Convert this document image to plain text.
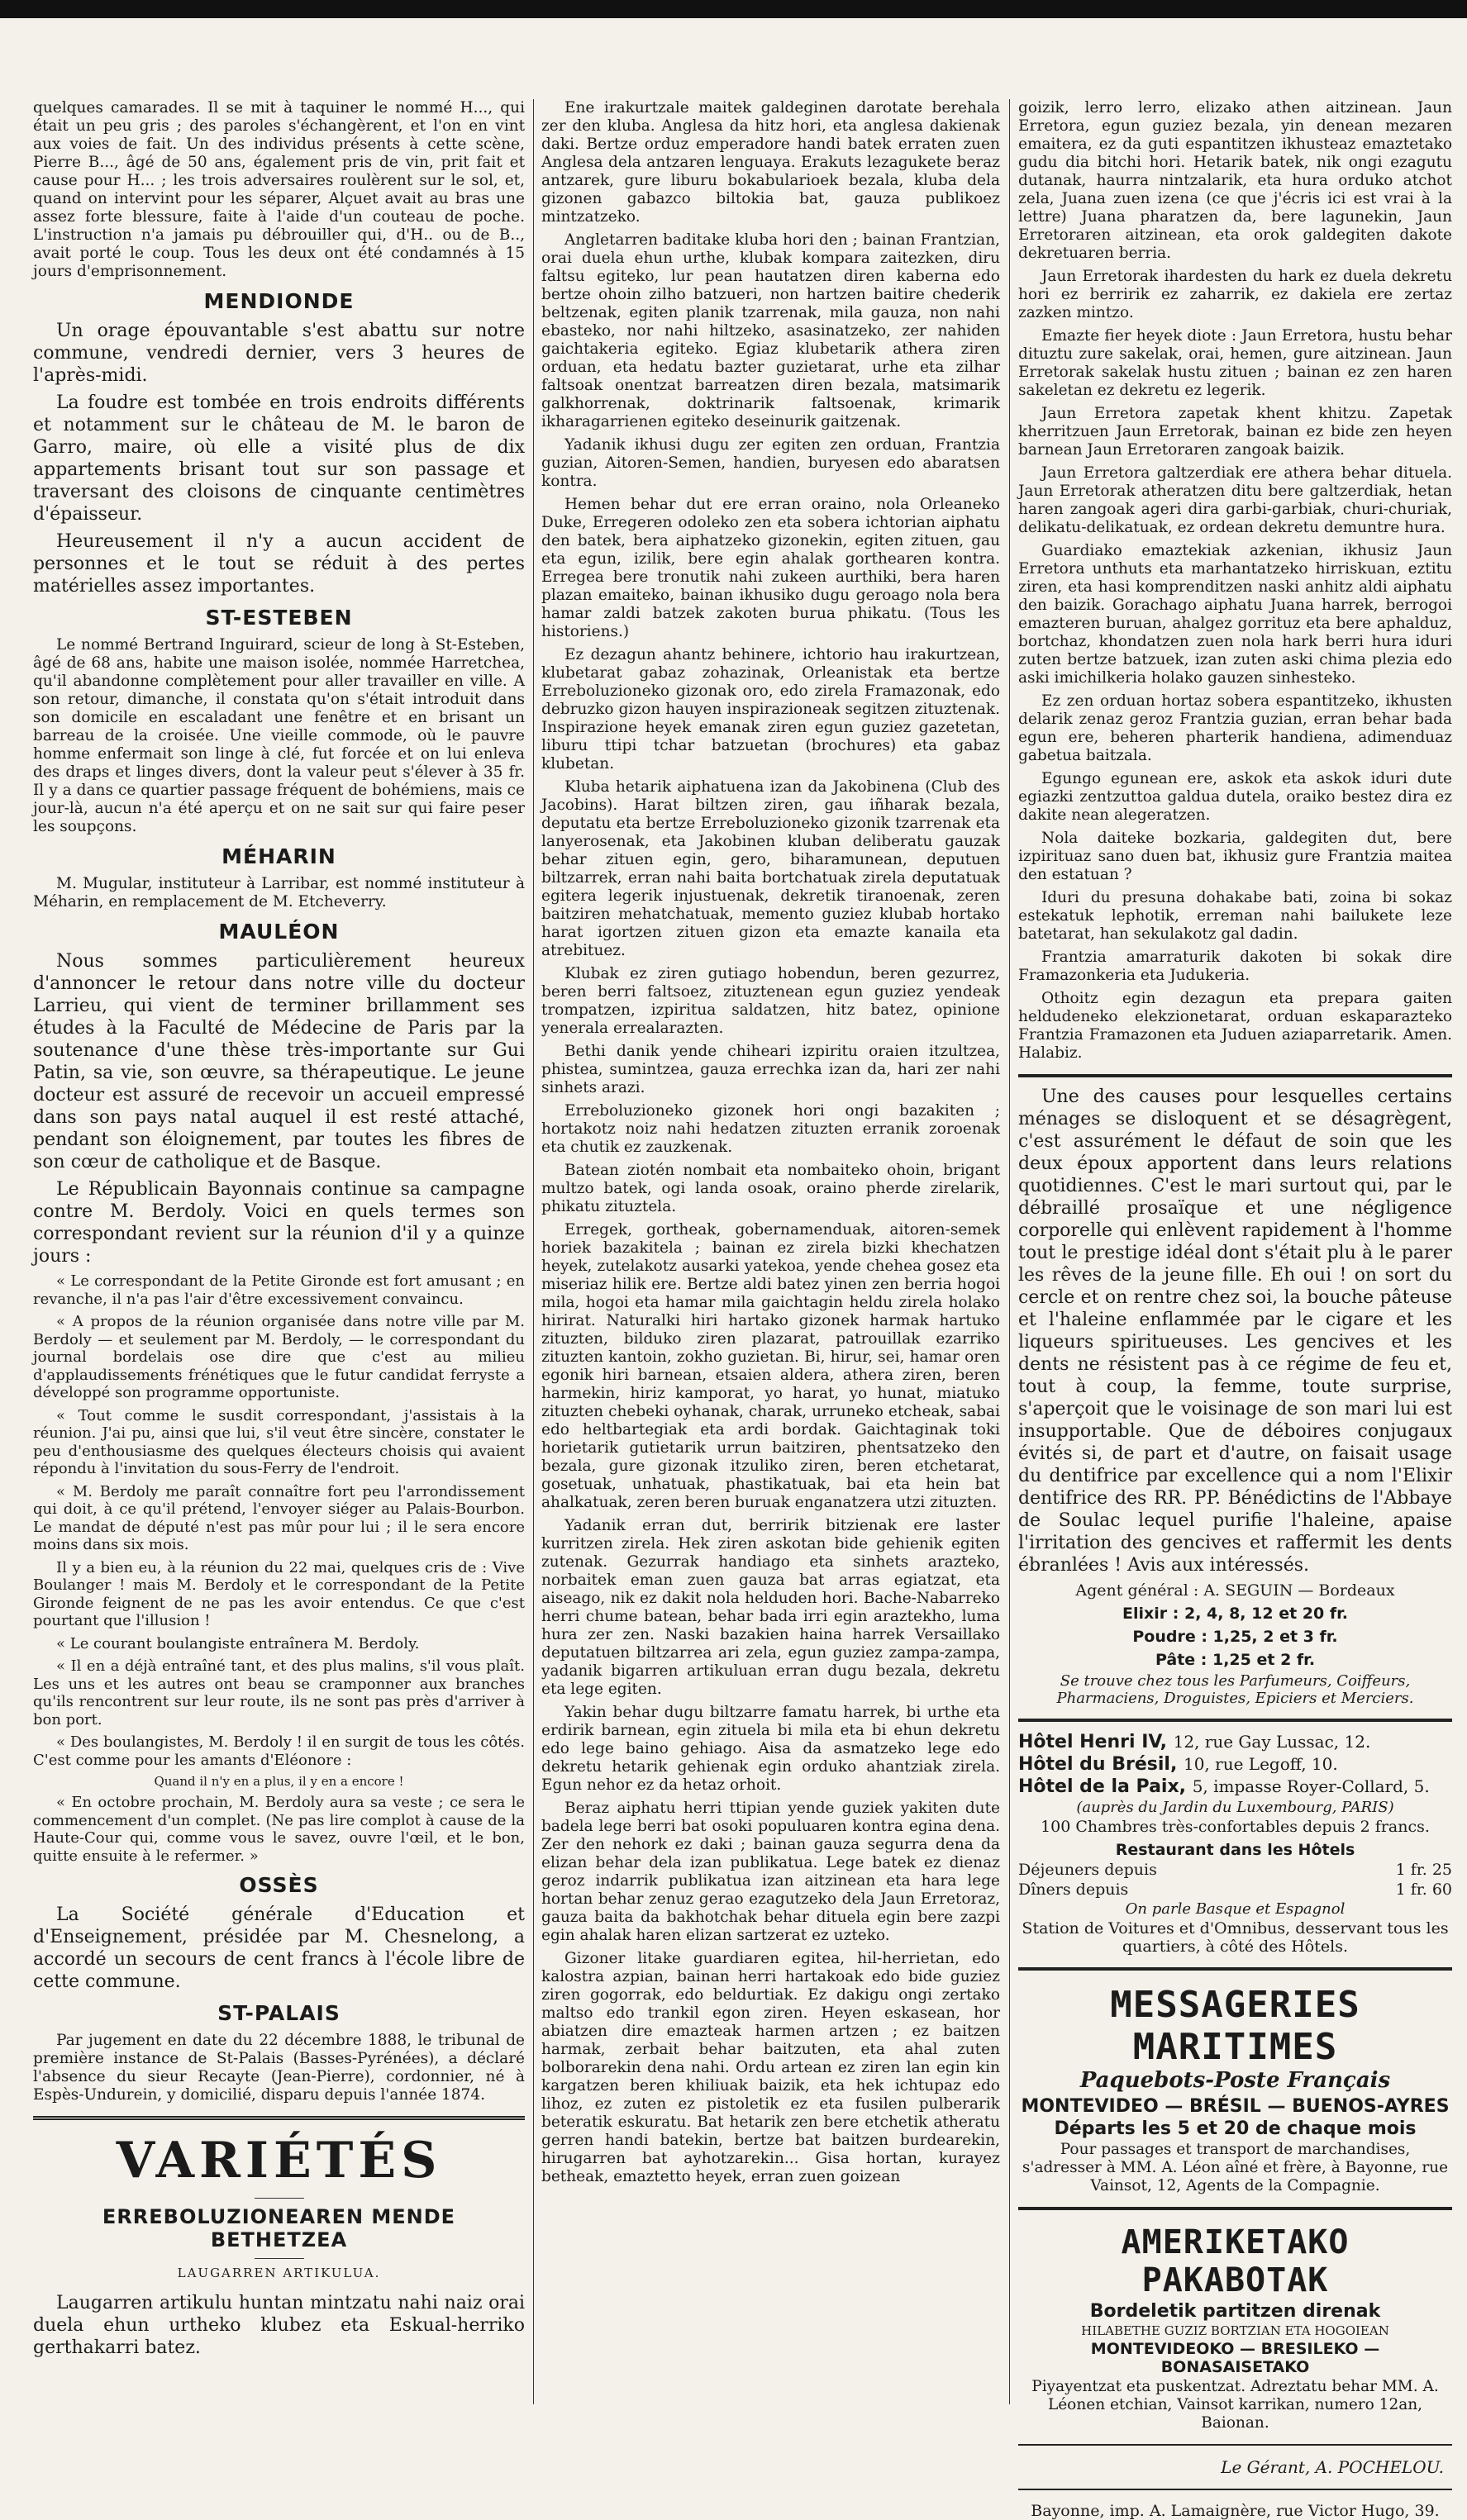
quelques camarades. Il se mit à taquiner le nommé H..., qui était un peu gris ; des paroles s'échangèrent, et l'on en vint aux voies de fait. Un des individus présents à cette scène, Pierre B..., âgé de 50 ans, également pris de vin, prit fait et cause pour H... ; les trois adversaires roulèrent sur le sol, et, quand on intervint pour les séparer, Alçuet avait au bras une assez forte blessure, faite à l'aide d'un couteau de poche. L'instruction n'a jamais pu débrouiller qui, d'H.. ou de B.., avait porté le coup. Tous les deux ont été condamnés à 15 jours d'emprisonnement.

MENDIONDE

Un orage épouvantable s'est abattu sur notre commune, vendredi dernier, vers 3 heures de l'après-midi.

La foudre est tombée en trois endroits différents et notamment sur le château de M. le baron de Garro, maire, où elle a visité plus de dix appartements brisant tout sur son passage et traversant des cloisons de cinquante centimètres d'épaisseur.

Heureusement il n'y a aucun accident de personnes et le tout se réduit à des pertes matérielles assez importantes.

ST-ESTEBEN

Le nommé Bertrand Inguirard, scieur de long à St-Esteben, âgé de 68 ans, habite une maison isolée, nommée Harretchea, qu'il abandonne complètement pour aller travailler en ville. A son retour, dimanche, il constata qu'on s'était introduit dans son domicile en escaladant une fenêtre et en brisant un barreau de la croisée. Une vieille commode, où le pauvre homme enfermait son linge à clé, fut forcée et on lui enleva des draps et linges divers, dont la valeur peut s'élever à 35 fr. Il y a dans ce quartier passage fréquent de bohémiens, mais ce jour-là, aucun n'a été aperçu et on ne sait sur qui faire peser les soupçons.

MÉHARIN

M. Mugular, instituteur à Larribar, est nommé instituteur à Méharin, en remplacement de M. Etcheverry.

MAULÉON

Nous sommes particulièrement heureux d'annoncer le retour dans notre ville du docteur Larrieu, qui vient de terminer brillamment ses études à la Faculté de Médecine de Paris par la soutenance d'une thèse très-importante sur Gui Patin, sa vie, son œuvre, sa thérapeutique. Le jeune docteur est assuré de recevoir un accueil empressé dans son pays natal auquel il est resté attaché, pendant son éloignement, par toutes les fibres de son cœur de catholique et de Basque.

Le Républicain Bayonnais continue sa campagne contre M. Berdoly. Voici en quels termes son correspondant revient sur la réunion d'il y a quinze jours :

« Le correspondant de la Petite Gironde est fort amusant ; en revanche, il n'a pas l'air d'être excessivement convaincu.

« A propos de la réunion organisée dans notre ville par M. Berdoly — et seulement par M. Berdoly, — le correspondant du journal bordelais ose dire que c'est au milieu d'applaudissements frénétiques que le futur candidat ferryste a développé son programme opportuniste.

« Tout comme le susdit correspondant, j'assistais à la réunion. J'ai pu, ainsi que lui, s'il veut être sincère, constater le peu d'enthousiasme des quelques électeurs choisis qui avaient répondu à l'invitation du sous-Ferry de l'endroit.

« M. Berdoly me paraît connaître fort peu l'arrondissement qui doit, à ce qu'il prétend, l'envoyer siéger au Palais-Bourbon. Le mandat de député n'est pas mûr pour lui ; il le sera encore moins dans six mois.

Il y a bien eu, à la réunion du 22 mai, quelques cris de : Vive Boulanger ! mais M. Berdoly et le correspondant de la Petite Gironde feignent de ne pas les avoir entendus. Ce que c'est pourtant que l'illusion !

« Le courant boulangiste entraînera M. Berdoly.

« Il en a déjà entraîné tant, et des plus malins, s'il vous plaît. Les uns et les autres ont beau se cramponner aux branches qu'ils rencontrent sur leur route, ils ne sont pas près d'arriver à bon port.

« Des boulangistes, M. Berdoly ! il en surgit de tous les côtés. C'est comme pour les amants d'Eléonore :

Quand il n'y en a plus, il y en a encore !

« En octobre prochain, M. Berdoly aura sa veste ; ce sera le commencement d'un complet. (Ne pas lire complot à cause de la Haute-Cour qui, comme vous le savez, ouvre l'œil, et le bon, quitte ensuite à le refermer. »

OSSÈS

La Société générale d'Education et d'Enseignement, présidée par M. Chesnelong, a accordé un secours de cent francs à l'école libre de cette commune.

ST-PALAIS

Par jugement en date du 22 décembre 1888, le tribunal de première instance de St-Palais (Basses-Pyrénées), a déclaré l'absence du sieur Recayte (Jean-Pierre), cordonnier, né à Espès-Undurein, y domicilié, disparu depuis l'année 1874.

VARIÉTÉS
ERREBOLUZIONEAREN MENDE BETHETZEA
LAUGARREN ARTIKULUA.

Laugarren artikulu huntan mintzatu nahi naiz orai duela ehun urtheko klubez eta Eskual-herriko gerthakarri batez.

Ene irakurtzale maitek galdeginen darotate berehala zer den kluba. Anglesa da hitz hori, eta anglesa dakienak daki. Bertze orduz emperadore handi batek erraten zuen Anglesa dela antzaren lenguaya. Erakuts lezagukete beraz antzarek, gure liburu bokabularioek bezala, kluba dela gizonen gabazco biltokia bat, gauza publikoez mintzatzeko.

Angletarren baditake kluba hori den ; bainan Frantzian, orai duela ehun urthe, klubak kompara zaitezken, diru faltsu egiteko, lur pean hautatzen diren kaberna edo bertze ohoin zilho batzueri, non hartzen baitire chederik beltzenak, egiten planik tzarrenak, mila gauza, non nahi ebasteko, nor nahi hiltzeko, asasinatzeko, zer nahiden gaichtakeria egiteko. Egiaz klubetarik athera ziren orduan, eta hedatu bazter guzietarat, urhe eta zilhar faltsoak onentzat barreatzen diren bezala, matsimarik galkhorrenak, doktrinarik faltsoenak, krimarik ikharagarrienen egiteko deseinurik gaitzenak.

Yadanik ikhusi dugu zer egiten zen orduan, Frantzia guzian, Aitoren-Semen, handien, buryesen edo abaratsen kontra.

Hemen behar dut ere erran oraino, nola Orleaneko Duke, Erregeren odoleko zen eta sobera ichtorian aiphatu den batek, bera aiphatzeko gizonekin, egiten zituen, gau eta egun, izilik, bere egin ahalak gorthearen kontra. Erregea bere tronutik nahi zukeen aurthiki, bera haren plazan emaiteko, bainan ikhusiko dugu geroago nola bera hamar zaldi batzek zakoten burua phikatu. (Tous les historiens.)

Ez dezagun ahantz behinere, ichtorio hau irakurtzean, klubetarat gabaz zohazinak, Orleanistak eta bertze Erreboluzioneko gizonak oro, edo zirela Framazonak, edo debruzko gizon hauyen inspirazioneak segitzen zituztenak. Inspirazione heyek emanak ziren egun guziez gazetetan, liburu ttipi tchar batzuetan (brochures) eta gabaz klubetan.

Kluba hetarik aiphatuena izan da Jakobinena (Club des Jacobins). Harat biltzen ziren, gau iñharak bezala, deputatu eta bertze Erreboluzioneko gizonik tzarrenak eta lanyerosenak, eta Jakobinen kluban deliberatu gauzak behar zituen egin, gero, biharamunean, deputuen biltzarrek, erran nahi baita bortchatuak zirela deputatuak egitera legerik injustuenak, dekretik tiranoenak, zeren baitziren mehatchatuak, memento guziez klubab hortako harat igortzen zituen gizon eta emazte kanaila eta atrebituez.

Klubak ez ziren gutiago hobendun, beren gezurrez, beren berri faltsoez, zituztenean egun guziez yendeak trompatzen, izpiritua saldatzen, hitz batez, opinione yenerala errealarazten.

Bethi danik yende chiheari izpiritu oraien itzultzea, phistea, sumintzea, gauza errechka izan da, hari zer nahi sinhets arazi.

Erreboluzioneko gizonek hori ongi bazakiten ; hortakotz noiz nahi hedatzen zituzten erranik zoroenak eta chutik ez zauzkenak.

Batean ziotén nombait eta nombaiteko ohoin, brigant multzo batek, ogi landa osoak, oraino pherde zirelarik, phikatu zituztela.

Erregek, gortheak, gobernamenduak, aitoren-semek horiek bazakitela ; bainan ez zirela bizki khechatzen heyek, zutelakotz ausarki yatekoa, yende chehea gosez eta miseriaz hilik ere. Bertze aldi batez yinen zen berria hogoi mila, hogoi eta hamar mila gaichtagin heldu zirela holako hirirat. Naturalki hiri hartako gizonek harmak hartuko zituzten, bilduko ziren plazarat, patrouillak ezarriko zituzten kantoin, zokho guzietan. Bi, hirur, sei, hamar oren egonik hiri barnean, etsaien aldera, athera ziren, beren harmekin, hiriz kamporat, yo harat, yo hunat, miatuko zituzten chebeki oyhanak, charak, urruneko etcheak, sabai edo heltbartegiak eta ardi bordak. Gaichtaginak toki horietarik gutietarik urrun baitziren, phentsatzeko den bezala, gure gizonak itzuliko ziren, beren etchetarat, gosetuak, unhatuak, phastikatuak, bai eta hein bat ahalkatuak, zeren beren buruak enganatzera utzi zituzten.

Yadanik erran dut, berririk bitzienak ere laster kurritzen zirela. Hek ziren askotan bide gehienik egiten zutenak. Gezurrak handiago eta sinhets arazteko, norbaitek eman zuen gauza bat arras egiatzat, eta aiseago, nik ez dakit nola helduden hori. Bache-Nabarreko herri chume batean, behar bada irri egin araztekho, luma hura zer zen. Naski bazakien haina harrek Versaillako deputatuen biltzarrea ari zela, egun guziez zampa-zampa, yadanik bigarren artikuluan erran dugu bezala, dekretu eta lege egiten.

Yakin behar dugu biltzarre famatu harrek, bi urthe eta erdirik barnean, egin zituela bi mila eta bi ehun dekretu edo lege baino gehiago. Aisa da asmatzeko lege edo dekretu hetarik gehienak egin orduko ahantziak zirela. Egun nehor ez da hetaz orhoit.

Beraz aiphatu herri ttipian yende guziek yakiten dute badela lege berri bat osoki populuaren kontra egina dena. Zer den nehork ez daki ; bainan gauza segurra dena da elizan behar dela izan publikatua. Lege batek ez dienaz geroz indarrik publikatua izan aitzinean eta hara lege hortan behar zenuz gerao ezagutzeko dela Jaun Erretoraz, gauza baita da bakhotchak behar dituela egin bere zazpi egin ahalak haren elizan sartzerat ez uzteko.

Gizoner litake guardiaren egitea, hil-herrietan, edo kalostra azpian, bainan herri hartakoak edo bide guziez ziren gogorrak, edo beldurtiak. Ez dakigu ongi zertako maltso edo trankil egon ziren. Heyen eskasean, hor abiatzen dire emazteak harmen artzen ; ez baitzen harmak, zerbait behar baitzuten, eta ahal zuten bolborarekin dena nahi. Ordu artean ez ziren lan egin kin kargatzen beren khiliuak baizik, eta hek ichtupaz edo lihoz, ez zuten ez pistoletik ez eta fusilen pulberarik beteratik eskuratu. Bat hetarik zen bere etchetik atheratu gerren handi batekin, bertze bat baitzen burdearekin, hirugarren bat ayhotzarekin... Gisa hortan, kurayez betheak, emaztetto heyek, erran zuen goizean

goizik, lerro lerro, elizako athen aitzinean. Jaun Erretora, egun guziez bezala, yin denean mezaren emaitera, ez da guti espantitzen ikhusteaz emaztetako gudu dia bitchi hori. Hetarik batek, nik ongi ezagutu dutanak, haurra nintzalarik, eta hura orduko atchot zela, Juana zuen izena (ce que j'écris ici est vrai à la lettre) Juana pharatzen da, bere lagunekin, Jaun Erretoraren aitzinean, eta orok galdegiten dakote dekretuaren berria.

Jaun Erretorak ihardesten du hark ez duela dekretu hori ez berririk ez zaharrik, ez dakiela ere zertaz zazken mintzo.

Emazte fier heyek diote : Jaun Erretora, hustu behar dituztu zure sakelak, orai, hemen, gure aitzinean. Jaun Erretorak sakelak hustu zituen ; bainan ez zen haren sakeletan ez dekretu ez legerik.

Jaun Erretora zapetak khent khitzu. Zapetak kherritzuen Jaun Erretorak, bainan ez bide zen heyen barnean Jaun Erretoraren zangoak baizik.

Jaun Erretora galtzerdiak ere athera behar dituela. Jaun Erretorak atheratzen ditu bere galtzerdiak, hetan haren zangoak ageri dira garbi-garbiak, churi-churiak, delikatu-delikatuak, ez ordean dekretu demuntre hura.

Guardiako emaztekiak azkenian, ikhusiz Jaun Erretora unthuts eta marhantatzeko hirriskuan, eztitu ziren, eta hasi komprenditzen naski anhitz aldi aiphatu den baizik. Gorachago aiphatu Juana harrek, berrogoi emazteren buruan, ahalgez gorrituz eta bere aphalduz, bortchaz, khondatzen zuen nola hark berri hura iduri zuten bertze batzuek, izan zuten aski chima plezia edo aski imichilkeria holako gauzen sinhesteko.

Ez zen orduan hortaz sobera espantitzeko, ikhusten delarik zenaz geroz Frantzia guzian, erran behar bada egun ere, beheren pharterik handiena, adimenduaz gabetua baitzala.

Egungo egunean ere, askok eta askok iduri dute egiazki zentzuttoa galdua dutela, oraiko bestez dira ez dakite nean alegeratzen.

Nola daiteke bozkaria, galdegiten dut, bere izpirituaz sano duen bat, ikhusiz gure Frantzia maitea den estatuan ?

Iduri du presuna dohakabe bati, zoina bi sokaz estekatuk lephotik, erreman nahi bailukete leze batetarat, han sekulakotz gal dadin.

Frantzia amarraturik dakoten bi sokak dire Framazonkeria eta Judukeria.

Othoitz egin dezagun eta prepara gaiten heldudeneko elekzionetarat, orduan eskaparazteko Frantzia Framazonen eta Juduen aziaparretarik. Amen. Halabiz.

Une des causes pour lesquelles certains ménages se disloquent et se désagrègent, c'est assurément le défaut de soin que les deux époux apportent dans leurs relations quotidiennes. C'est le mari surtout qui, par le débraillé prosaïque et une négligence corporelle qui enlèvent rapidement à l'homme tout le prestige idéal dont s'était plu à le parer les rêves de la jeune fille. Eh oui ! on sort du cercle et on rentre chez soi, la bouche pâteuse et l'haleine enflammée par le cigare et les liqueurs spiritueuses. Les gencives et les dents ne résistent pas à ce régime de feu et, tout à coup, la femme, toute surprise, s'aperçoit que le voisinage de son mari lui est insupportable. Que de déboires conjugaux évités si, de part et d'autre, on faisait usage du dentifrice par excellence qui a nom l'Elixir dentifrice des RR. PP. Bénédictins de l'Abbaye de Soulac lequel purifie l'haleine, apaise l'irritation des gencives et raffermit les dents ébranlées ! Avis aux intéressés.

Agent général : A. SEGUIN — Bordeaux
Elixir : 2, 4, 8, 12 et 20 fr.
Poudre : 1,25, 2 et 3 fr.
Pâte : 1,25 et 2 fr.
Se trouve chez tous les Parfumeurs, Coiffeurs, Pharmaciens, Droguistes, Epiciers et Merciers.
Hôtel Henri IV, 12, rue Gay Lussac, 12.
Hôtel du Brésil, 10, rue Legoff, 10.
Hôtel de la Paix, 5, impasse Royer-Collard, 5.
(auprès du Jardin du Luxembourg, PARIS)
100 Chambres très-confortables depuis 2 francs.
Restaurant dans les Hôtels
Déjeuners depuis	1 fr. 25
Dîners depuis	1 fr. 60
On parle Basque et Espagnol
Station de Voitures et d'Omnibus, desservant tous les quartiers, à côté des Hôtels.
MESSAGERIES MARITIMES
Paquebots-Poste Français
MONTEVIDEO — BRÉSIL — BUENOS-AYRES
Départs les 5 et 20 de chaque mois

Pour passages et transport de marchandises, s'adresser à MM. A. Léon aîné et frère, à Bayonne, rue Vainsot, 12, Agents de la Compagnie.

AMERIKETAKO PAKABOTAK
Bordeletik partitzen direnak
HILABETHE GUZIZ BORTZIAN ETA HOGOIEAN
MONTEVIDEOKO — BRESILEKO — BONASAISETAKO

Piyayentzat eta puskentzat. Adreztatu behar MM. A. Léonen etchian, Vainsot karrikan, numero 12an, Baionan.

Le Gérant, A. POCHELOU.
Bayonne, imp. A. Lamaignère, rue Victor Hugo, 39.
